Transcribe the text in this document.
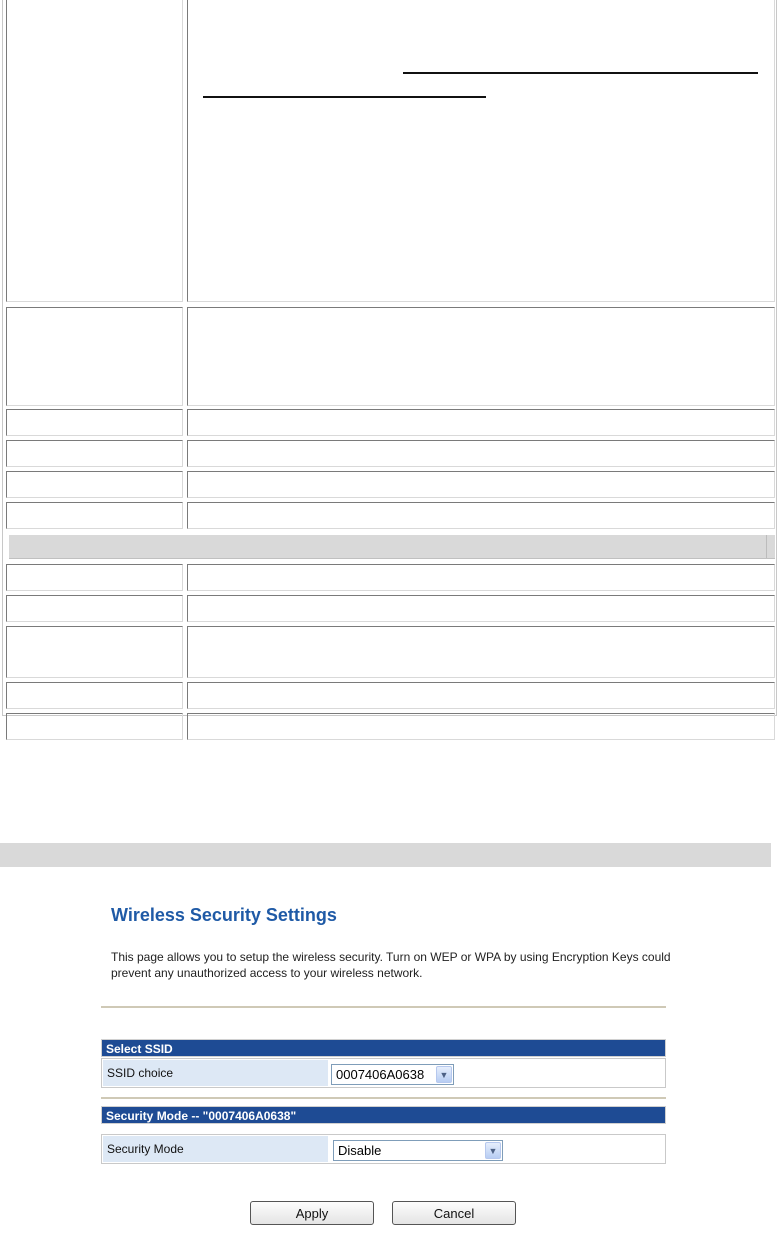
Wireless Security Settings
This page allows you to setup the wireless security. Turn on WEP or WPA by using Encryption Keys could prevent any unauthorized access to your wireless network.
Select SSID
SSID choice	0007406A0638	▼
Security Mode -- "0007406A0638"
Security Mode	Disable	▼
Apply	Cancel
